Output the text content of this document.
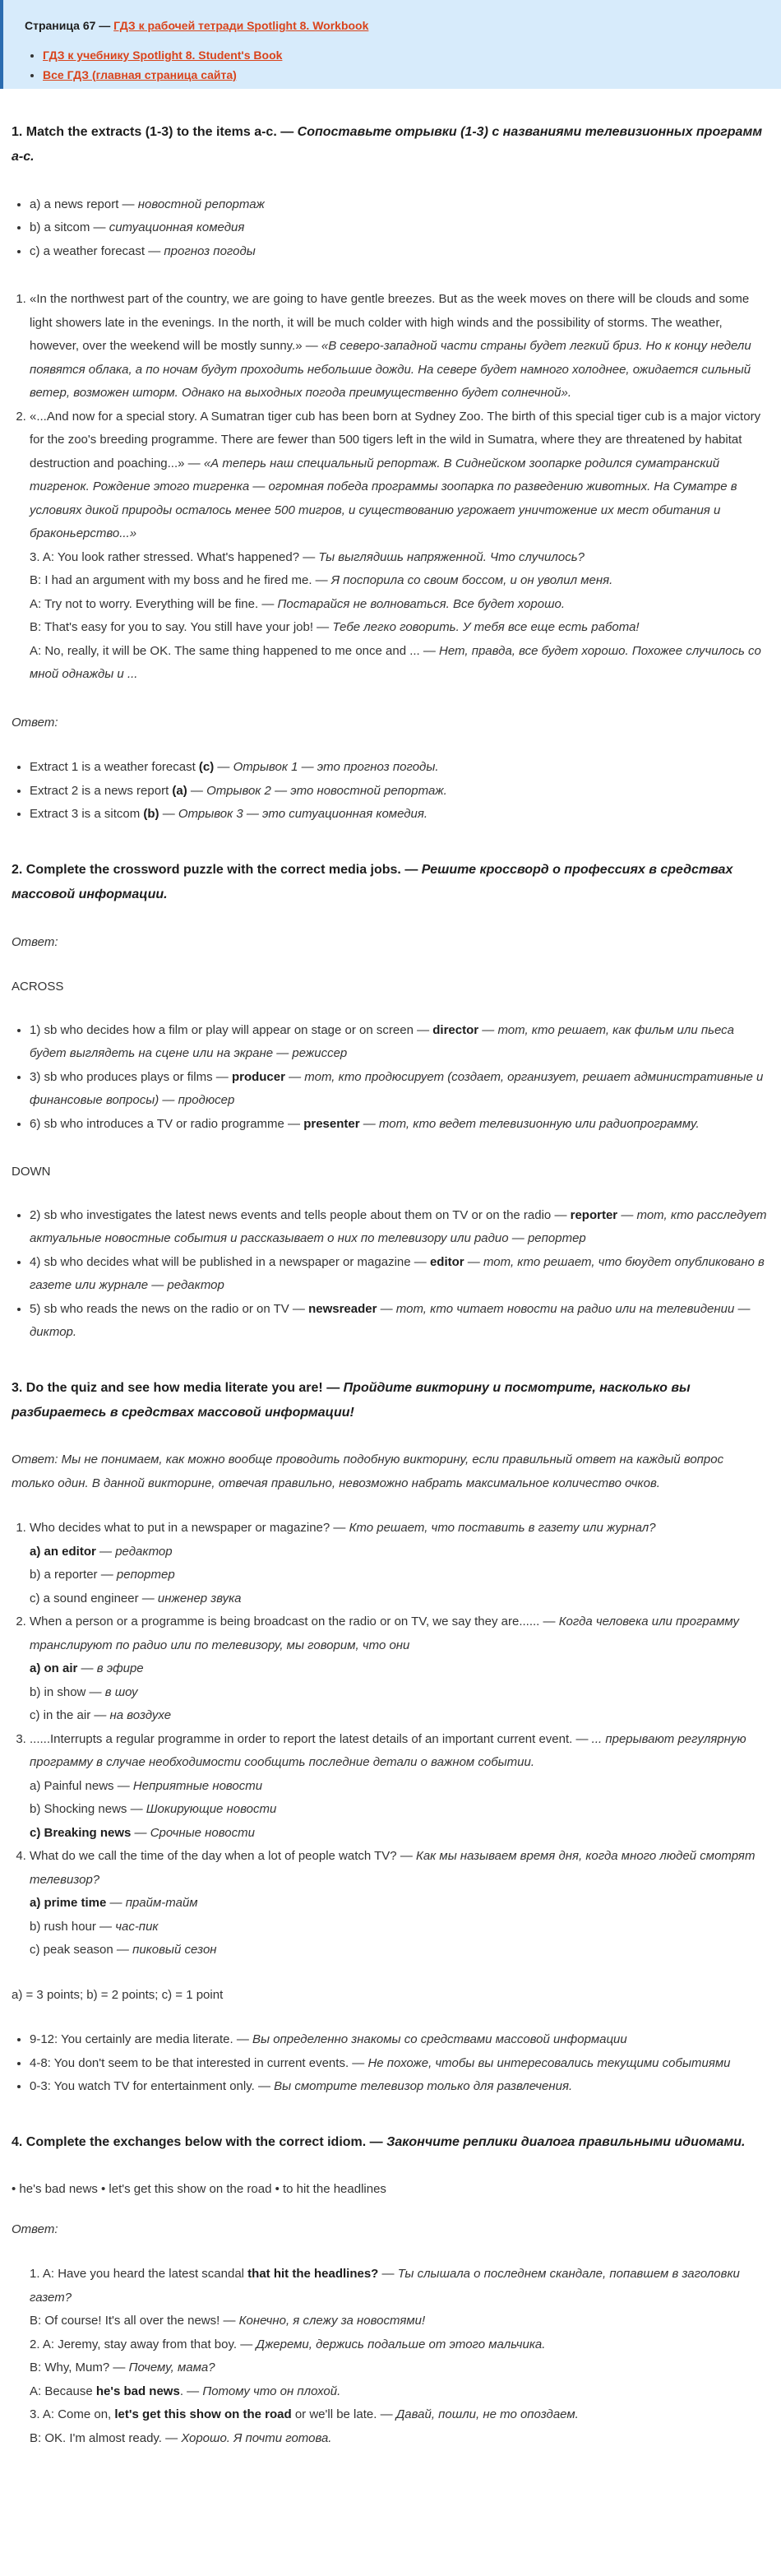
Страница 67 — ГДЗ к рабочей тетради Spotlight 8. Workbook
• ГДЗ к учебнику Spotlight 8. Student's Book
• Все ГДЗ (главная страница сайта)
1. Match the extracts (1-3) to the items a-c. — Сопоставьте отрывки (1-3) с названиями телевизионных программ a-c.
• a) a news report — новостной репортаж
• b) a sitcom — ситуационная комедия
• c) a weather forecast — прогноз погоды
1. «In the northwest part of the country, we are going to have gentle breezes. But as the week moves on there will be clouds and some light showers late in the evenings. In the north, it will be much colder with high winds and the possibility of storms. The weather, however, over the weekend will be mostly sunny.» — «В северо-западной части страны будет легкий бриз. Но к концу недели появятся облака, а по ночам будут проходить небольшие дожди. На севере будет намного холоднее, ожидается сильный ветер, возможен шторм. Однако на выходных погода преимущественно будет солнечной».
2. «...And now for a special story. A Sumatran tiger cub has been born at Sydney Zoo. The birth of this special tiger cub is a major victory for the zoo's breeding programme. There are fewer than 500 tigers left in the wild in Sumatra, where they are threatened by habitat destruction and poaching...» — «А теперь наш специальный репортаж. В Сиднейском зоопарке родился суматранский тигренок. Рождение этого тигренка — огромная победа программы зоопарка по разведению животных. На Суматре в условиях дикой природы осталось менее 500 тигров, и существованию угрожает уничтожение их мест обитания и браконьерство...»

3. A: You look rather stressed. What's happened? — Ты выглядишь напряженной. Что случилось?

B: I had an argument with my boss and he fired me. — Я поспорила со своим боссом, и он уволил меня.

A: Try not to worry. Everything will be fine. — Постарайся не волноваться. Все будет хорошо.

B: That's easy for you to say. You still have your job! — Тебе легко говорить. У тебя все еще есть работа!

A: No, really, it will be OK. The same thing happened to me once and ... — Нет, правда, все будет хорошо. Похожее случилось со мной однажды и ...

Ответ:
• Extract 1 is a weather forecast (c) — Отрывок 1 — это прогноз погоды.
• Extract 2 is a news report (a) — Отрывок 2 — это новостной репортаж.
• Extract 3 is a sitcom (b) — Отрывок 3 — это ситуационная комедия.
2. Complete the crossword puzzle with the correct media jobs. — Решите кроссворд о профессиях в средствах массовой информации.
Ответ:

ACROSS

• 1) sb who decides how a film or play will appear on stage or on screen — director — тот, кто решает, как фильм или пьеса будет выглядеть на сцене или на экране — режиссер
• 3) sb who produces plays or films — producer — тот, кто продюсирует (создает, организует, решает административные и финансовые вопросы) — продюсер
• 6) sb who introduces a TV or radio programme — presenter — тот, кто ведет телевизионную или радиопрограмму.

DOWN

• 2) sb who investigates the latest news events and tells people about them on TV or on the radio — reporter — тот, кто расследует актуальные новостные события и рассказывает о них по телевизору или радио — репортер
• 4) sb who decides what will be published in a newspaper or magazine — editor — тот, кто решает, что бюудет опубликовано в газете или журнале — редактор
• 5) sb who reads the news on the radio or on TV — newsreader — тот, кто читает новости на радио или на телевидении — диктор.
3. Do the quiz and see how media literate you are! — Пройдите викторину и посмотрите, насколько вы разбираетесь в средствах массовой информации!

Ответ: Мы не понимаем, как можно вообще проводить подобную викторину, если правильный ответ на каждый вопрос только один. В данной викторине, отвечая правильно, невозможно набрать максимальное количество очков.

1. Who decides what to put in a newspaper or magazine? — Кто решает, что поставить в газету или журнал?

a) an editor — редактор

b) a reporter — репортер

c) a sound engineer — инженер звука

2. When a person or a programme is being broadcast on the radio or on TV, we say they are...... — Когда человека или программу транслируют по радио или по телевизору, мы говорим, что они

a) on air — в эфире

b) in show — в шоу

c) in the air — на воздухе

3. ......Interrupts a regular programme in order to report the latest details of an important current event. — ... прерывают регулярную программу в случае необходимости сообщить последние детали о важном событии.

a) Painful news — Неприятные новости

b) Shocking news — Шокирующие новости

c) Breaking news — Срочные новости

4. What do we call the time of the day when a lot of people watch TV? — Как мы называем время дня, когда много людей смотрят телевизор?

a) prime time — прайм-тайм

b) rush hour — час-пик

c) peak season — пиковый сезон

a) = 3 points; b) = 2 points; c) = 1 point

• 9-12: You certainly are media literate. — Вы определенно знакомы со средствами массовой информации
• 4-8: You don't seem to be that interested in current events. — Не похоже, чтобы вы интересовались текущими событиями
• 0-3: You watch TV for entertainment only. — Вы смотрите телевизор только для развлечения.
4. Complete the exchanges below with the correct idiom. — Закончите реплики диалога правильными идиомами.

• he's bad news • let's get this show on the road • to hit the headlines

Ответ:

1. A: Have you heard the latest scandal that hit the headlines? — Ты слышала о последнем скандале, попавшем в заголовки газет?

B: Of course! It's all over the news! — Конечно, я слежу за новостями!

2. A: Jeremy, stay away from that boy. — Джереми, держись подальше от этого мальчика.

B: Why, Mum? — Почему, мама?

A: Because he's bad news. — Потому что он плохой.

3. A: Come on, let's get this show on the road or we'll be late. — Давай, пошли, не то опоздаем.

B: OK. I'm almost ready. — Хорошо. Я почти готова.
